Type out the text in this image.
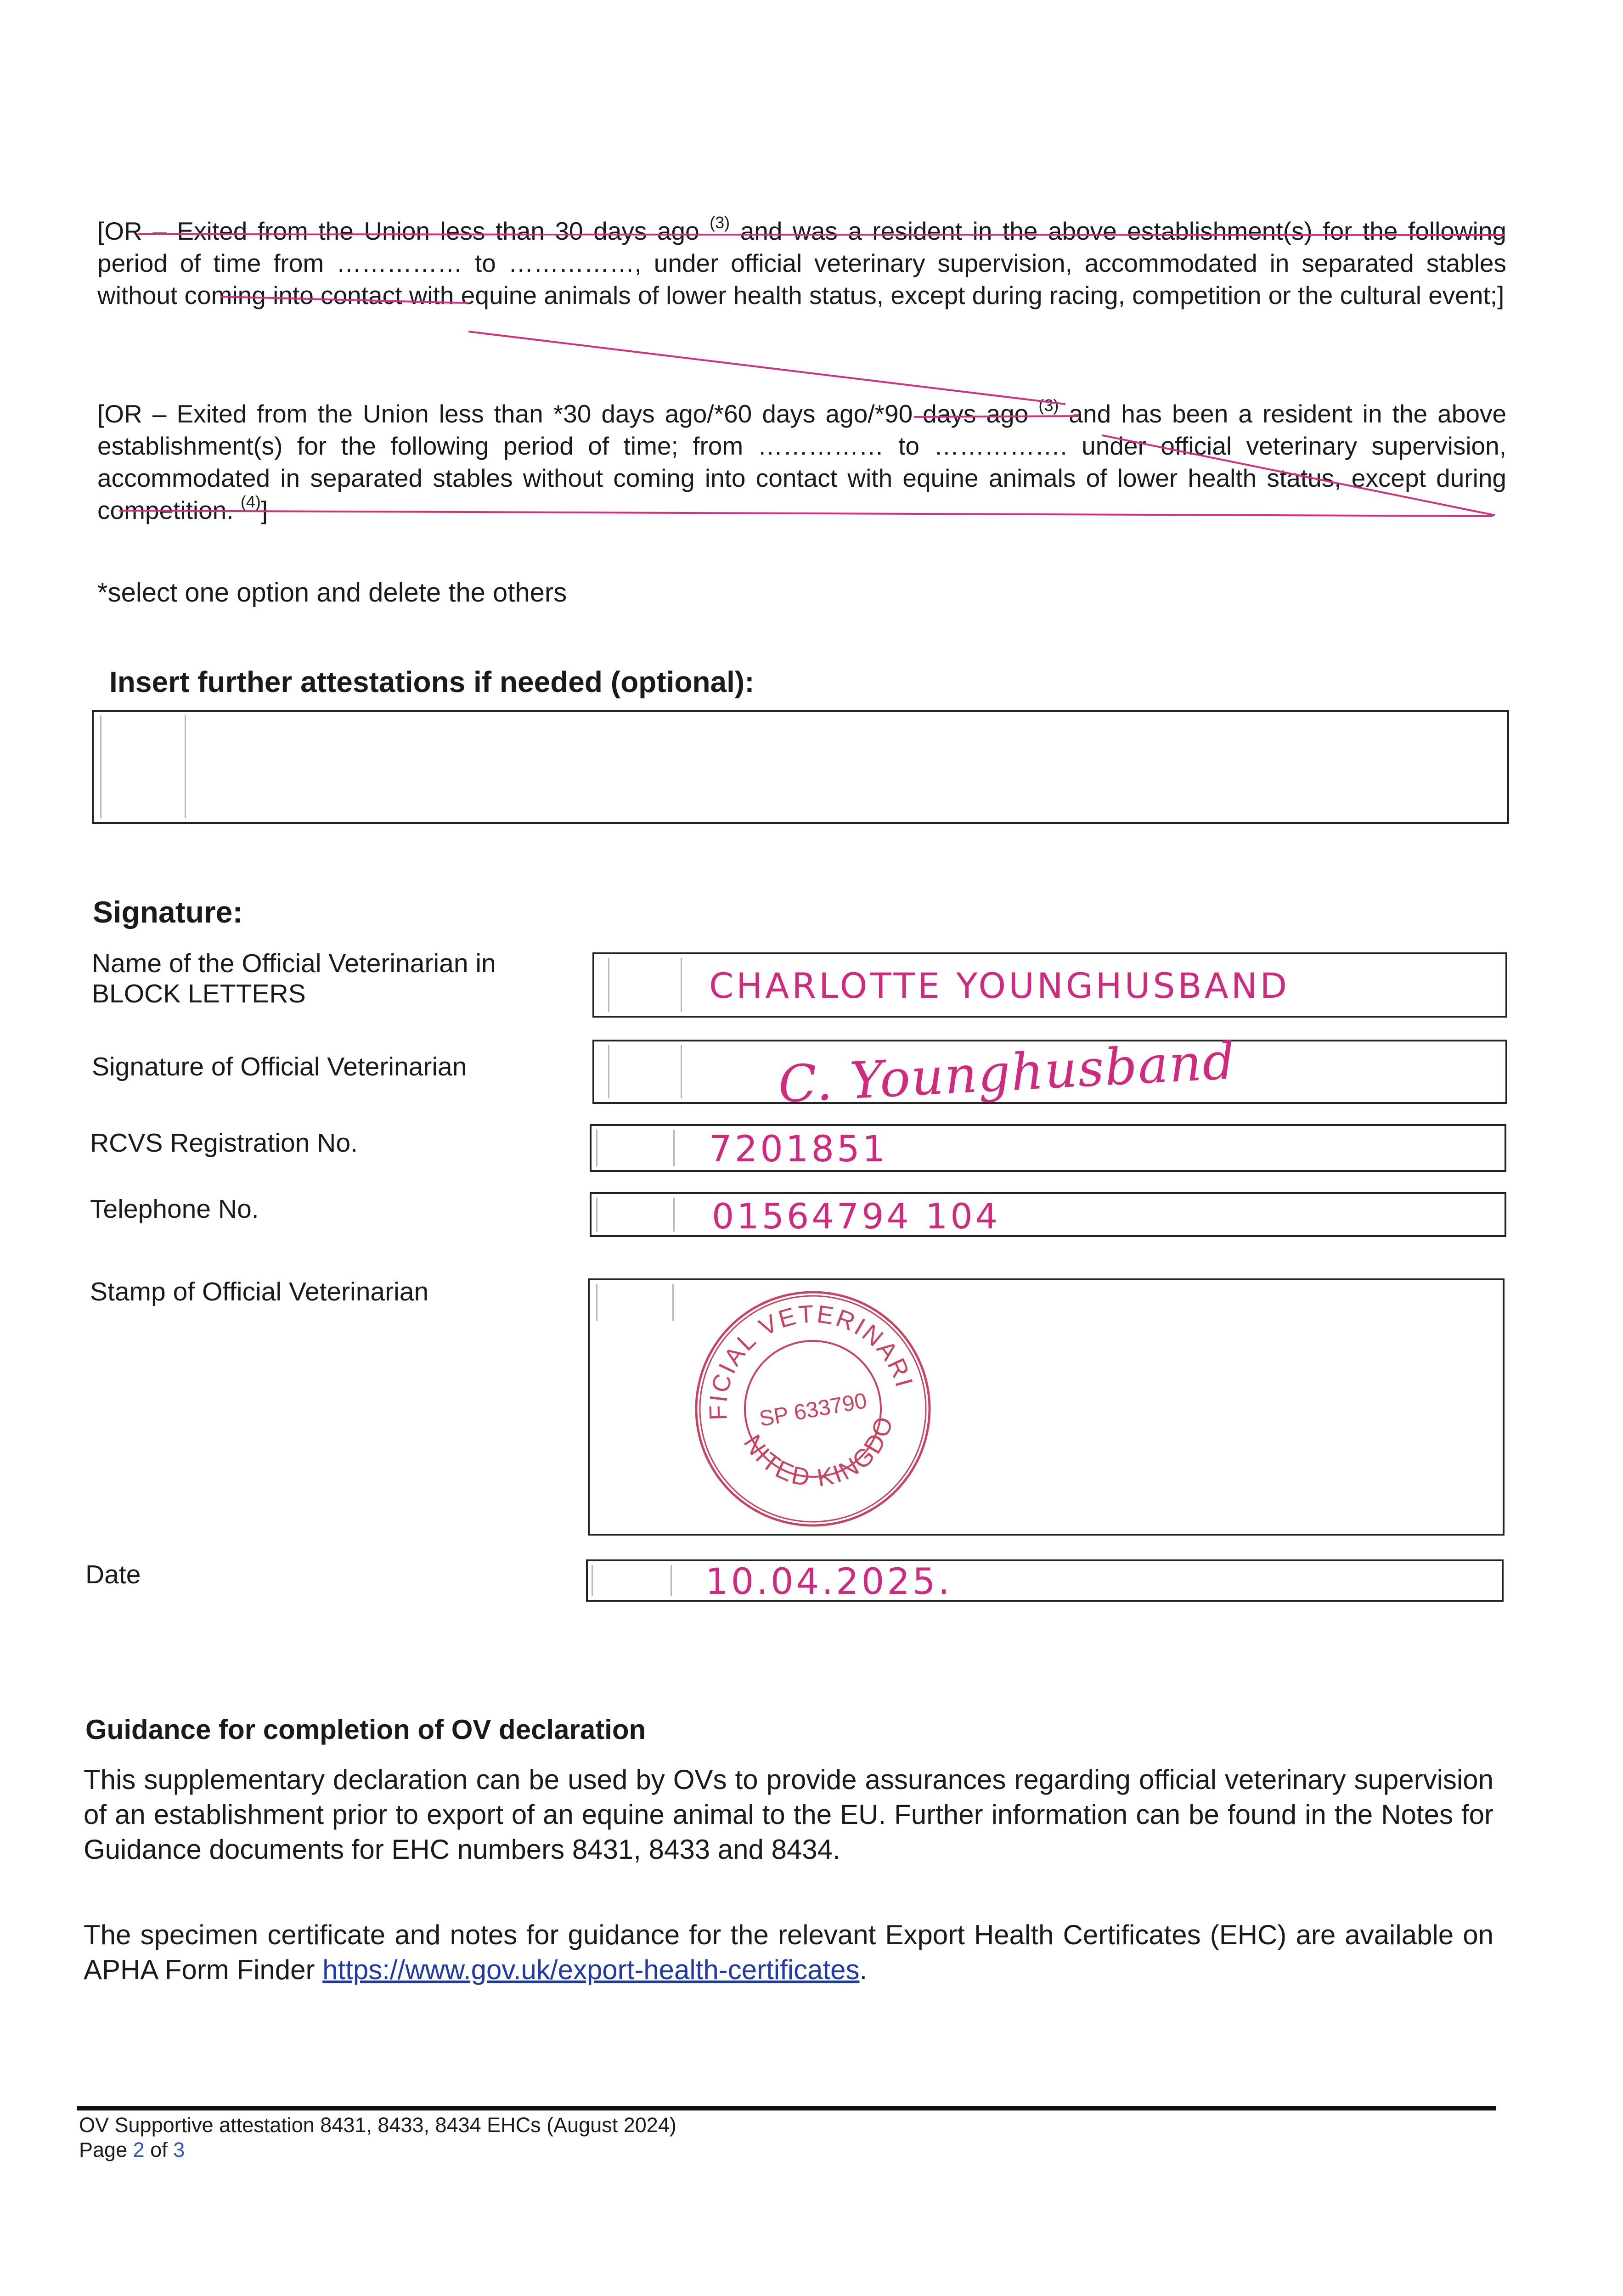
[OR – Exited from the Union less than 30 days ago $^{(3)}$ and was a resident in the above establishment(s) for the following period of time from …………… to ……………, under official veterinary supervision, accommodated in separated stables without coming into contact with equine animals of lower health status, except during racing, competition or the cultural event;]
[OR – Exited from the Union less than *30 days ago/*60 days ago/*90 days ago $^{(3)}$ and has been a resident in the above establishment(s) for the following period of time; from …………… to ……………. under official veterinary supervision, accommodated in separated stables without coming into contact with equine animals of lower health status, except during competition. $^{(4)}$]
*select one option and delete the others
Insert further attestations if needed (optional):
Signature:
Name of the Official Veterinarian in BLOCK LETTERS
Signature of Official Veterinarian
RCVS Registration No.
Telephone No.
Stamp of Official Veterinarian
Date
CHARLOTTE YOUNGHUSBAND
C. Younghusband
7201851
01564794 104
OFFICIAL VETERINARIAN
UNITED KINGDOM
SP 633790
10.04.2025.
Guidance for completion of OV declaration
This supplementary declaration can be used by OVs to provide assurances regarding official veterinary supervision of an establishment prior to export of an equine animal to the EU. Further information can be found in the Notes for Guidance documents for EHC numbers 8431, 8433 and 8434.
The specimen certificate and notes for guidance for the relevant Export Health Certificates (EHC) are available on APHA Form Finder https://www.gov.uk/export-health-certificates.
OV Supportive attestation 8431, 8433, 8434 EHCs (August 2024)
Page 2 of 3
